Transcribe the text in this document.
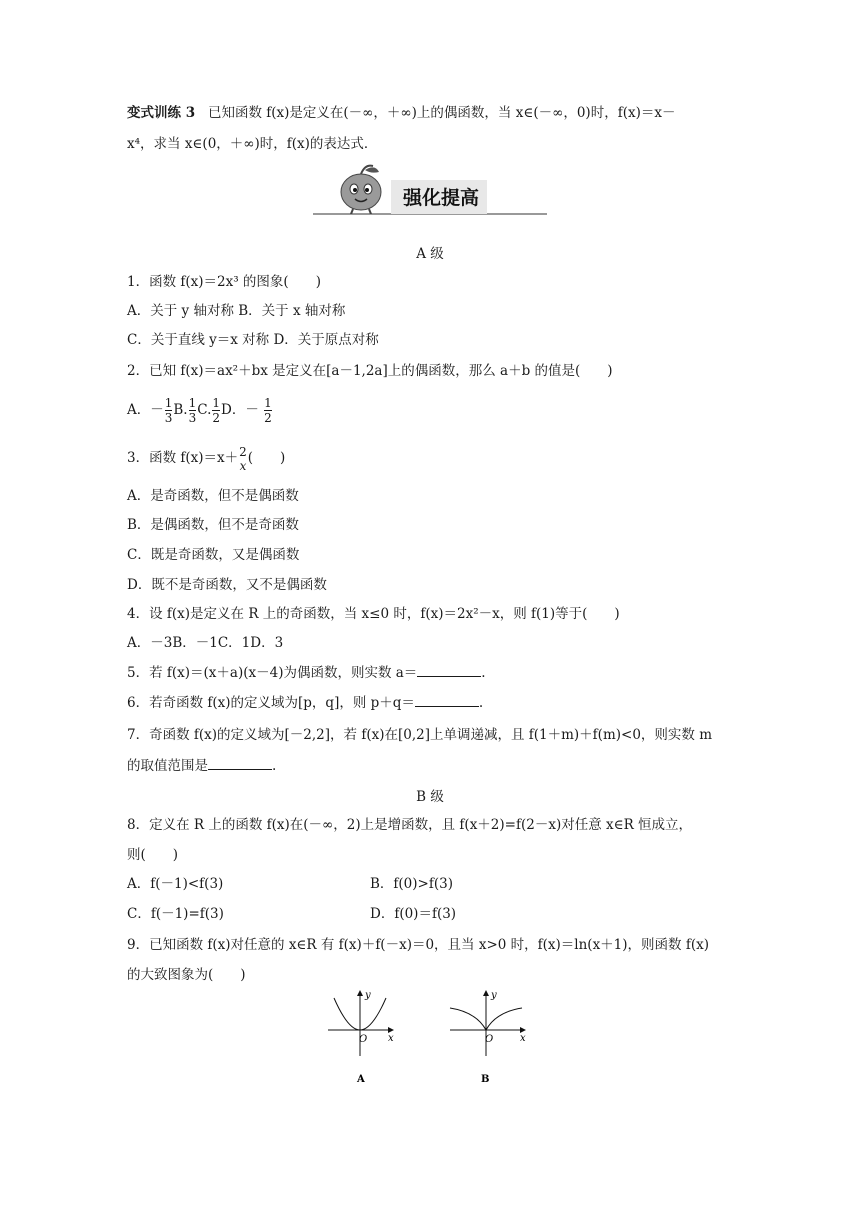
变式训练 3 已知函数 f(x)是定义在(－∞，＋∞)上的偶函数，当 x∈(－∞，0)时，f(x)＝x－
x⁴，求当 x∈(0，＋∞)时，f(x)的表达式．
强化提高
A 级
1．函数 f(x)＝2x³ 的图象(　　)
A．关于 y 轴对称 B．关于 x 轴对称
C．关于直线 y＝x 对称 D．关于原点对称
2．已知 f(x)＝ax²＋bx 是定义在[a－1,2a]上的偶函数，那么 a＋b 的值是(　　)
A．－ $\frac{1}{3} B$. $\frac{1}{3} C$. $\frac{1}{2}$ D．－ $\frac{1}{2}$
3．函数 f(x)＝x＋ 2
x (　　)
A．是奇函数，但不是偶函数
B．是偶函数，但不是奇函数
C．既是奇函数，又是偶函数
D．既不是奇函数，又不是偶函数
4．设 f(x)是定义在 R 上的奇函数，当 x≤0 时，f(x)＝2x²－x，则 f(1)等于(　　)
A．－3B．－1C．1D．3
5．若 f(x)＝(x＋a)(x－4)为偶函数，则实数 a＝	.
6．若奇函数 f(x)的定义域为[p，q]，则 p＋q＝	.
7．奇函数 f(x)的定义域为[－2,2]，若 f(x)在[0,2]上单调递减，且 f(1＋m)＋f(m)<0，则实数 m
的取值范围是	.
B 级
8．定义在 R 上的函数 f(x)在(－∞，2)上是增函数，且 f(x＋2)=f(2－x)对任意 x∈R 恒成立，
则(　　)
A．f(－1)<f(3)	B．f(0)>f(3)
C．f(－1)=f(3)	D．f(0)＝f(3)
9．已知函数 f(x)对任意的 x∈R 有 f(x)＋f(－x)＝0，且当 x>0 时，f(x)＝ln(x＋1)，则函数 f(x)
的大致图象为(　　)
y
x
O
A
y
x
O
B
